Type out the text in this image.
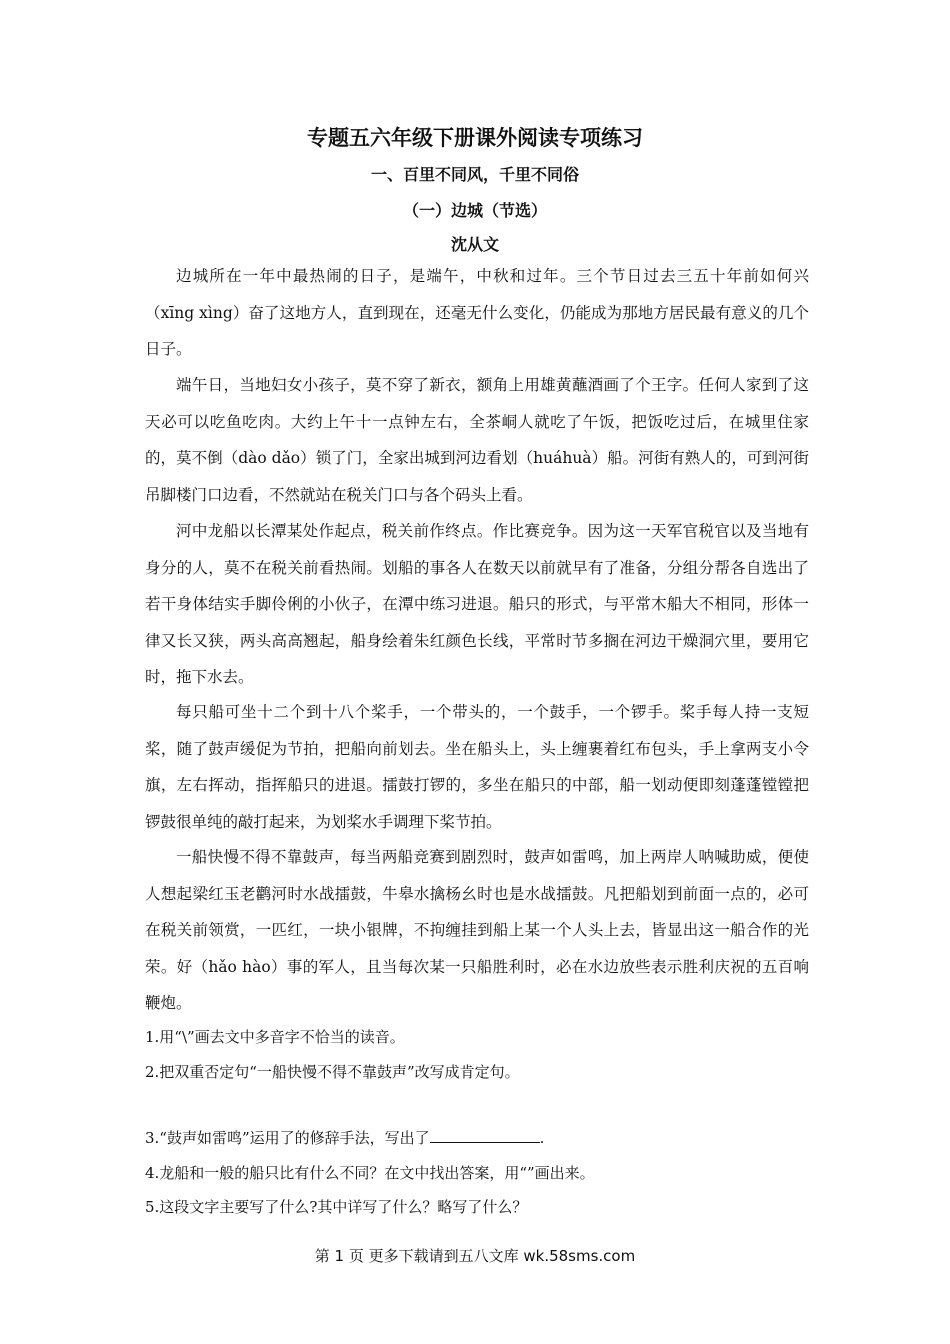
专题五六年级下册课外阅读专项练习
一、百里不同风，千里不同俗
（一）边城（节选）
沈从文

边城所在一年中最热闹的日子，是端午，中秋和过年。三个节日过去三五十年前如何兴（xīng xìng）奋了这地方人，直到现在，还毫无什么变化，仍能成为那地方居民最有意义的几个日子。

端午日，当地妇女小孩子，莫不穿了新衣，额角上用雄黄蘸酒画了个王字。任何人家到了这天必可以吃鱼吃肉。大约上午十一点钟左右，全茶峒人就吃了午饭，把饭吃过后，在城里住家的，莫不倒（dào dǎo）锁了门，全家出城到河边看划（huáhuà）船。河街有熟人的，可到河街吊脚楼门口边看，不然就站在税关门口与各个码头上看。

河中龙船以长潭某处作起点，税关前作终点。作比赛竞争。因为这一天军官税官以及当地有身分的人，莫不在税关前看热闹。划船的事各人在数天以前就早有了准备，分组分帮各自选出了若干身体结实手脚伶俐的小伙子，在潭中练习进退。船只的形式，与平常木船大不相同，形体一律又长又狭，两头高高翘起，船身绘着朱红颜色长线，平常时节多搁在河边干燥洞穴里，要用它时，拖下水去。

每只船可坐十二个到十八个桨手，一个带头的，一个鼓手，一个锣手。桨手每人持一支短桨，随了鼓声缓促为节拍，把船向前划去。坐在船头上，头上缠裹着红布包头，手上拿两支小令旗，左右挥动，指挥船只的进退。擂鼓打锣的，多坐在船只的中部，船一划动便即刻蓬蓬镗镗把锣鼓很单纯的敲打起来，为划桨水手调理下桨节拍。

一船快慢不得不靠鼓声，每当两船竞赛到剧烈时，鼓声如雷鸣，加上两岸人呐喊助威，便使人想起梁红玉老鹳河时水战擂鼓，牛皋水擒杨幺时也是水战擂鼓。凡把船划到前面一点的，必可在税关前领赏，一匹红，一块小银牌，不拘缠挂到船上某一个人头上去，皆显出这一船合作的光荣。好（hǎo hào）事的军人，且当每次某一只船胜利时，必在水边放些表示胜利庆祝的五百响鞭炮。

1.用“\”画去文中多音字不恰当的读音。

2.把双重否定句“一船快慢不得不靠鼓声”改写成肯定句。

3.“鼓声如雷鸣”运用了的修辞手法，写出了	.

4.龙船和一般的船只比有什么不同？在文中找出答案，用“”画出来。

5.这段文字主要写了什么?其中详写了什么？略写了什么？

第 1 页 更多下载请到五八文库 wk.58sms.com
